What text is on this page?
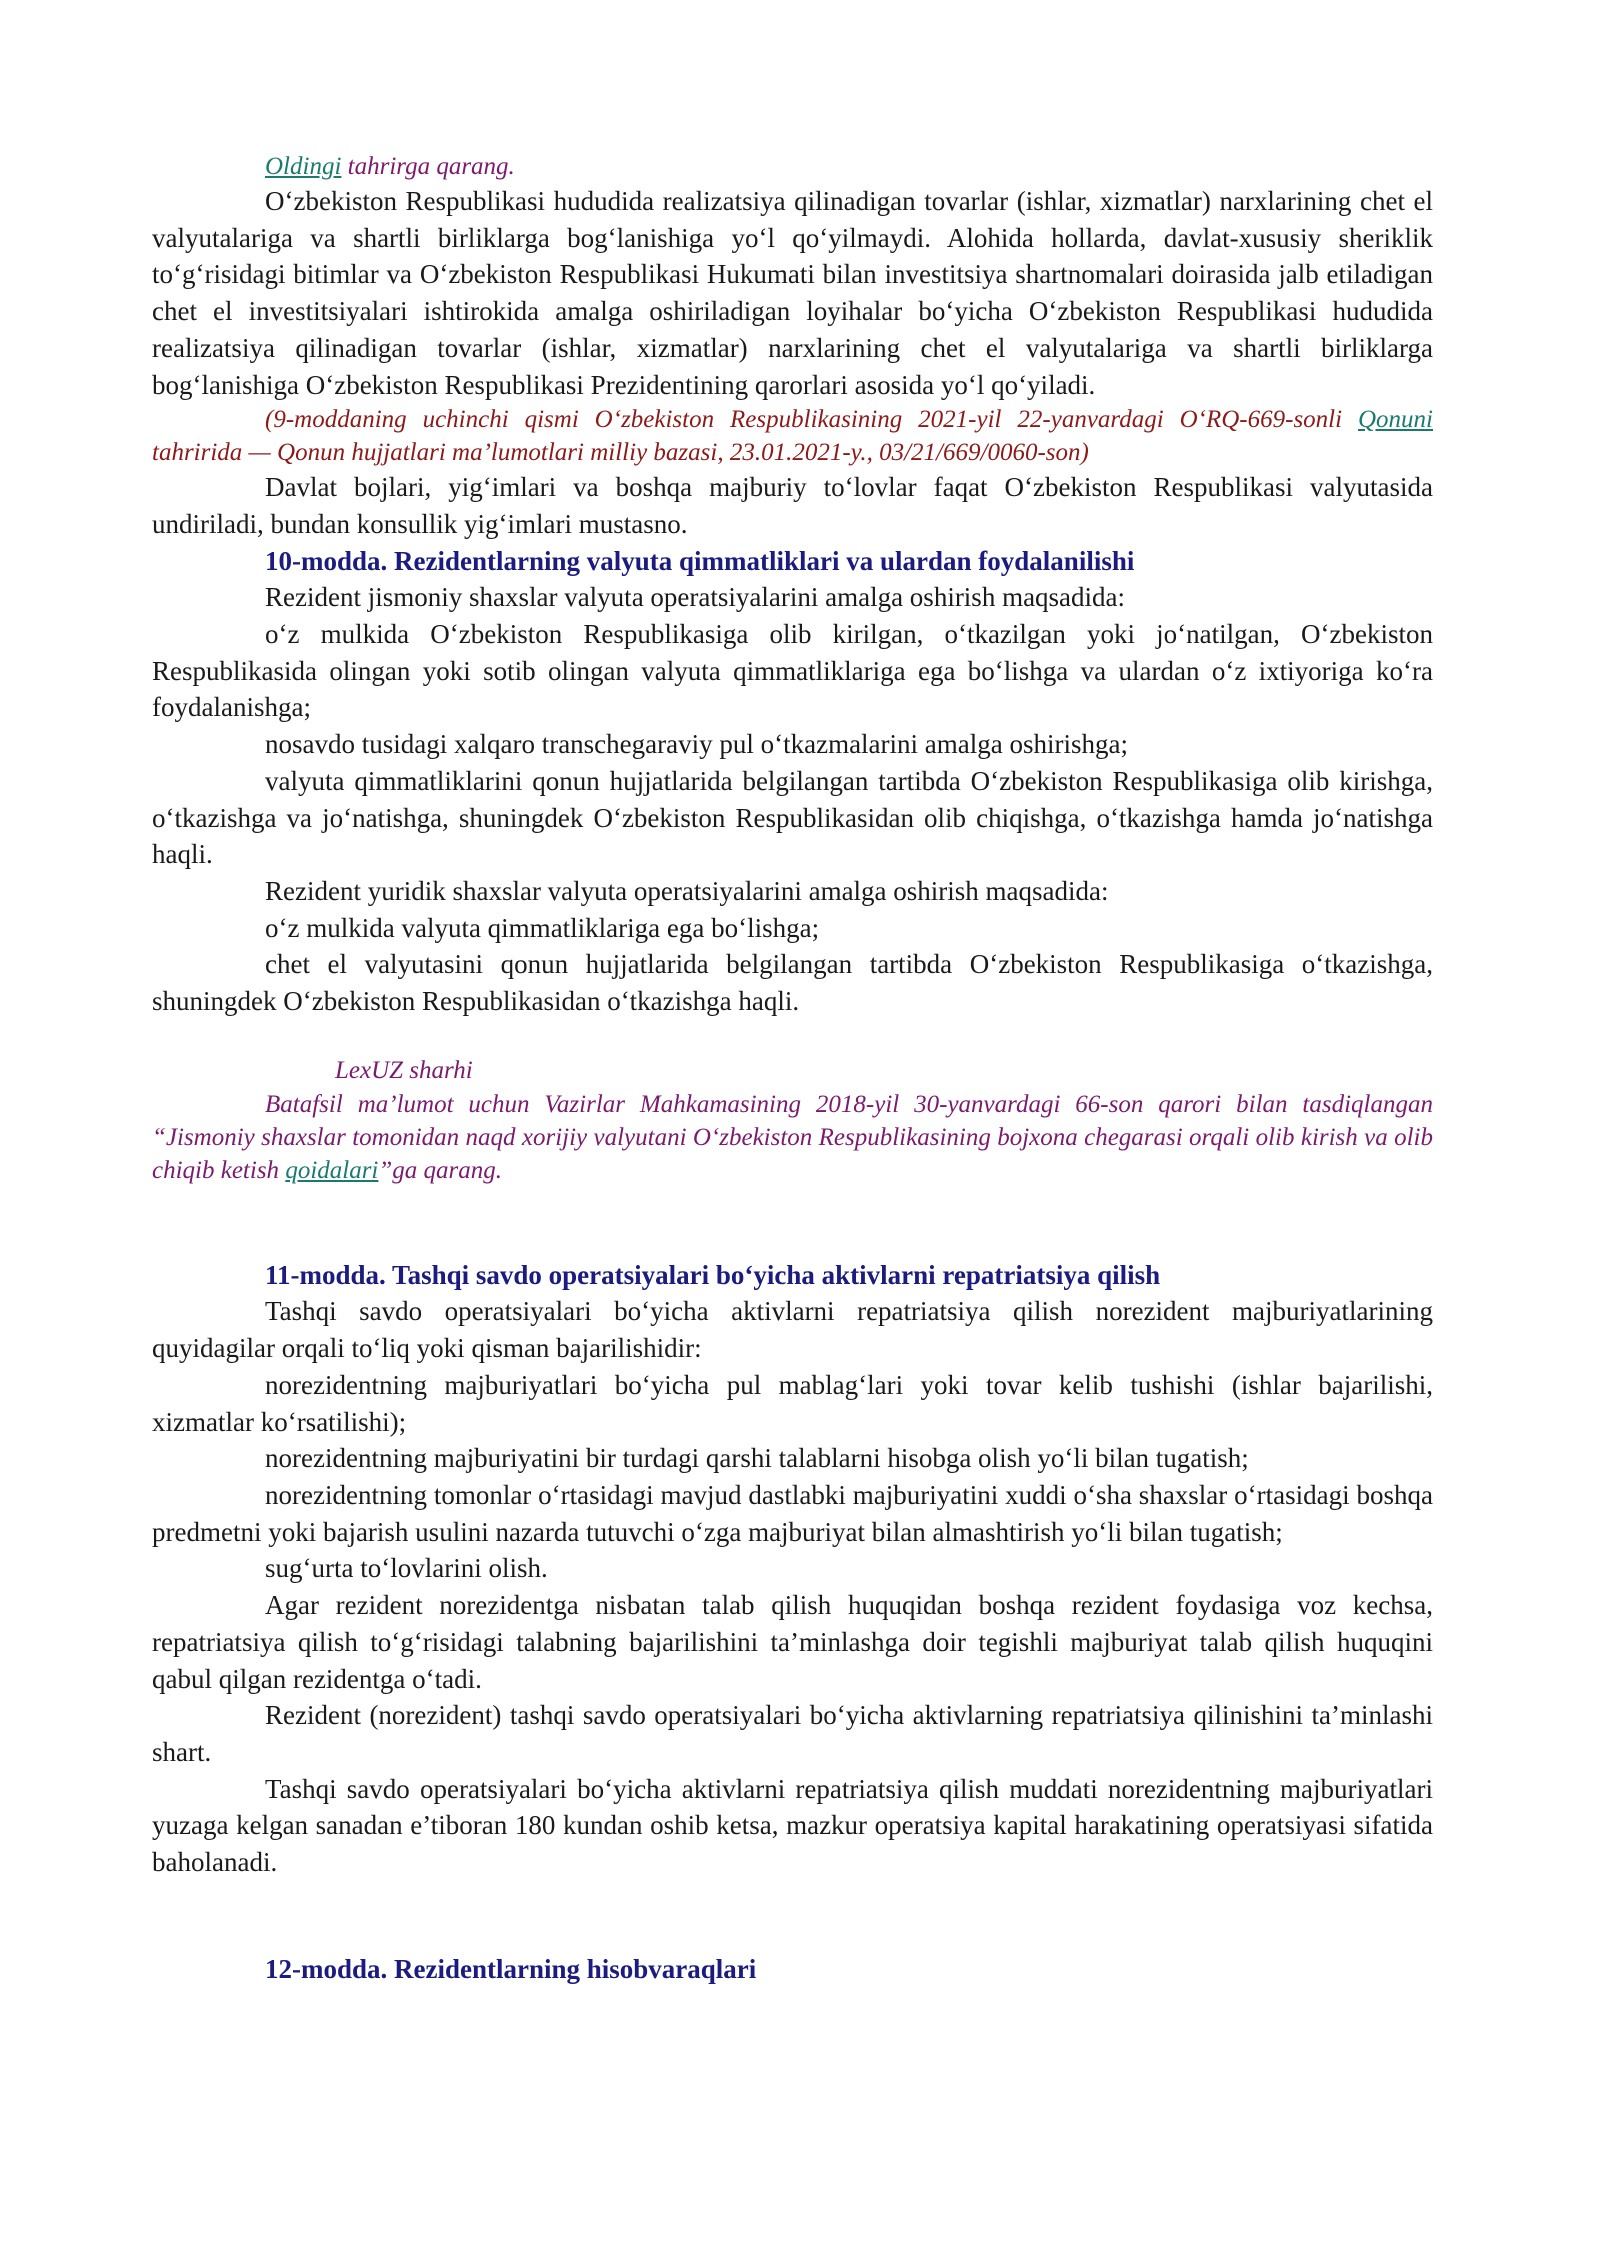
Oldingi tahrirga qarang.

O‘zbekiston Respublikasi hududida realizatsiya qilinadigan tovarlar (ishlar, xizmatlar) narxlarining chet el valyutalariga va shartli birliklarga bog‘lanishiga yo‘l qo‘yilmaydi. Alohida hollarda, davlat-xususiy sheriklik to‘g‘risidagi bitimlar va O‘zbekiston Respublikasi Hukumati bilan investitsiya shartnomalari doirasida jalb etiladigan chet el investitsiyalari ishtirokida amalga oshiriladigan loyihalar bo‘yicha O‘zbekiston Respublikasi hududida realizatsiya qilinadigan tovarlar (ishlar, xizmatlar) narxlarining chet el valyutalariga va shartli birliklarga bog‘lanishiga O‘zbekiston Respublikasi Prezidentining qarorlari asosida yo‘l qo‘yiladi.

(9-moddaning uchinchi qismi O‘zbekiston Respublikasining 2021-yil 22-yanvardagi O‘RQ-669-sonli Qonuni tahririda — Qonun hujjatlari ma’lumotlari milliy bazasi, 23.01.2021-y., 03/21/669/0060-son)

Davlat bojlari, yig‘imlari va boshqa majburiy to‘lovlar faqat O‘zbekiston Respublikasi valyutasida undiriladi, bundan konsullik yig‘imlari mustasno.

10-modda. Rezidentlarning valyuta qimmatliklari va ulardan foydalanilishi

Rezident jismoniy shaxslar valyuta operatsiyalarini amalga oshirish maqsadida:

o‘z mulkida O‘zbekiston Respublikasiga olib kirilgan, o‘tkazilgan yoki jo‘natilgan, O‘zbekiston Respublikasida olingan yoki sotib olingan valyuta qimmatliklariga ega bo‘lishga va ulardan o‘z ixtiyoriga ko‘ra foydalanishga;

nosavdo tusidagi xalqaro transchegaraviy pul o‘tkazmalarini amalga oshirishga;

valyuta qimmatliklarini qonun hujjatlarida belgilangan tartibda O‘zbekiston Respublikasiga olib kirishga, o‘tkazishga va jo‘natishga, shuningdek O‘zbekiston Respublikasidan olib chiqishga, o‘tkazishga hamda jo‘natishga haqli.

Rezident yuridik shaxslar valyuta operatsiyalarini amalga oshirish maqsadida:

o‘z mulkida valyuta qimmatliklariga ega bo‘lishga;

chet el valyutasini qonun hujjatlarida belgilangan tartibda O‘zbekiston Respublikasiga o‘tkazishga, shuningdek O‘zbekiston Respublikasidan o‘tkazishga haqli.

LexUZ sharhi

Batafsil ma’lumot uchun Vazirlar Mahkamasining 2018-yil 30-yanvardagi 66-son qarori bilan tasdiqlangan “Jismoniy shaxslar tomonidan naqd xorijiy valyutani O‘zbekiston Respublikasining bojxona chegarasi orqali olib kirish va olib chiqib ketish qoidalari”ga qarang.

11-modda. Tashqi savdo operatsiyalari bo‘yicha aktivlarni repatriatsiya qilish

Tashqi savdo operatsiyalari bo‘yicha aktivlarni repatriatsiya qilish norezident majburiyatlarining quyidagilar orqali to‘liq yoki qisman bajarilishidir:

norezidentning majburiyatlari bo‘yicha pul mablag‘lari yoki tovar kelib tushishi (ishlar bajarilishi, xizmatlar ko‘rsatilishi);

norezidentning majburiyatini bir turdagi qarshi talablarni hisobga olish yo‘li bilan tugatish;

norezidentning tomonlar o‘rtasidagi mavjud dastlabki majburiyatini xuddi o‘sha shaxslar o‘rtasidagi boshqa predmetni yoki bajarish usulini nazarda tutuvchi o‘zga majburiyat bilan almashtirish yo‘li bilan tugatish;

sug‘urta to‘lovlarini olish.

Agar rezident norezidentga nisbatan talab qilish huquqidan boshqa rezident foydasiga voz kechsa, repatriatsiya qilish to‘g‘risidagi talabning bajarilishini ta’minlashga doir tegishli majburiyat talab qilish huquqini qabul qilgan rezidentga o‘tadi.

Rezident (norezident) tashqi savdo operatsiyalari bo‘yicha aktivlarning repatriatsiya qilinishini ta’minlashi shart.

Tashqi savdo operatsiyalari bo‘yicha aktivlarni repatriatsiya qilish muddati norezidentning majburiyatlari yuzaga kelgan sanadan e’tiboran 180 kundan oshib ketsa, mazkur operatsiya kapital harakatining operatsiyasi sifatida baholanadi.

12-modda. Rezidentlarning hisobvaraqlari
